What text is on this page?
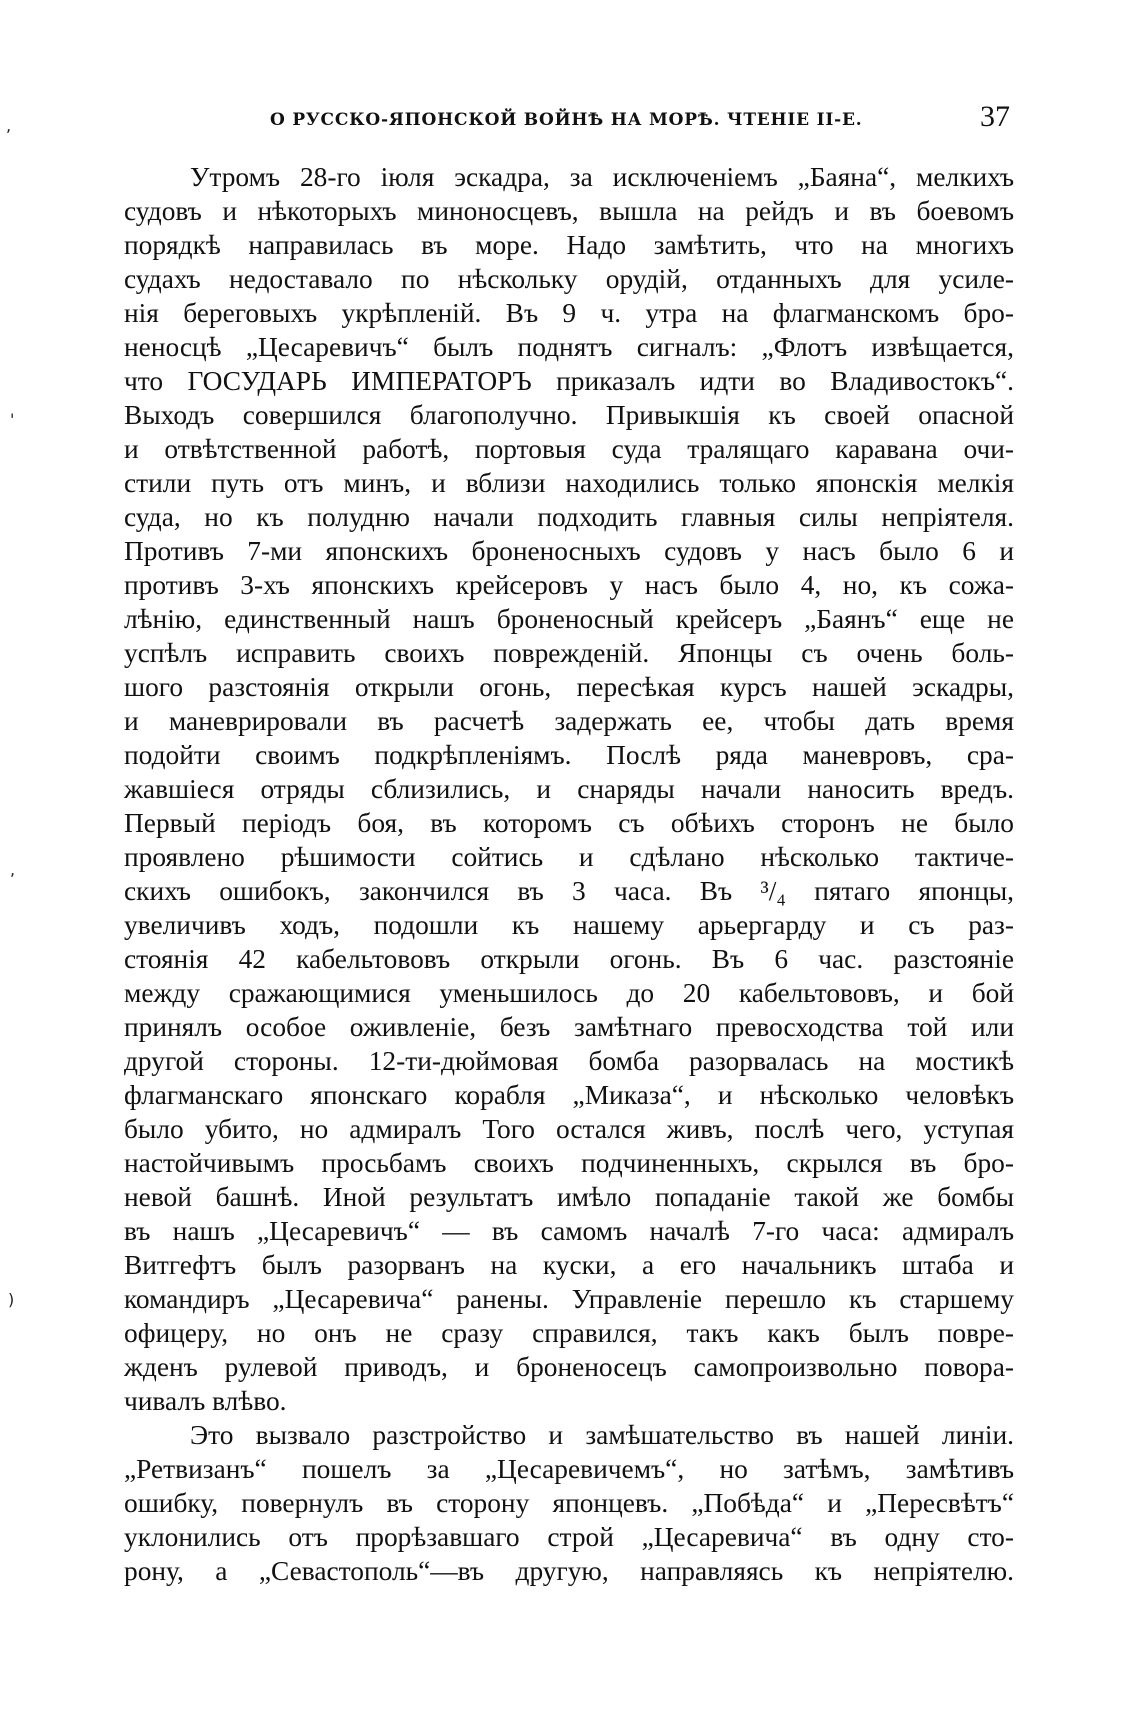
,
'
,
)
О РУССКО-ЯПОНСКОЙ ВОЙНѢ НА МОРѢ. ЧТЕНІЕ II-Е.	37
Утромъ 28-го іюля эскадра, за исключеніемъ „Баяна“, мелкихъ
судовъ и нѣкоторыхъ миноносцевъ, вышла на рейдъ и въ боевомъ
порядкѣ направилась въ море. Надо замѣтить, что на многихъ
судахъ недоставало по нѣскольку орудій, отданныхъ для усиле-
нія береговыхъ укрѣпленій. Въ 9 ч. утра на флагманскомъ бро-
неносцѣ „Цесаревичъ“ былъ поднятъ сигналъ: „Флотъ извѣщается,
что ГОСУДАРЬ ИМПЕРАТОРЪ приказалъ идти во Владивостокъ“.
Выходъ совершился благополучно. Привыкшія къ своей опасной
и отвѣтственной работѣ, портовыя суда тралящаго каравана очи-
стили путь отъ минъ, и вблизи находились только японскія мелкія
суда, но къ полудню начали подходить главныя силы непріятеля.
Противъ 7-ми японскихъ броненосныхъ судовъ у насъ было 6 и
противъ 3-хъ японскихъ крейсеровъ у насъ было 4, но, къ сожа-
лѣнію, единственный нашъ броненосный крейсеръ „Баянъ“ еще не
успѣлъ исправить своихъ поврежденій. Японцы съ очень боль-
шого разстоянія открыли огонь, пересѣкая курсъ нашей эскадры,
и маневрировали въ расчетѣ задержать ее, чтобы дать время
подойти своимъ подкрѣпленіямъ. Послѣ ряда маневровъ, сра-
жавшіеся отряды сблизились, и снаряды начали наносить вредъ.
Первый періодъ боя, въ которомъ съ обѣихъ сторонъ не было
проявлено рѣшимости сойтись и сдѣлано нѣсколько тактиче-
скихъ ошибокъ, закончился въ 3 часа. Въ ³/₄ пятаго японцы,
увеличивъ ходъ, подошли къ нашему арьергарду и съ раз-
стоянія 42 кабельтововъ открыли огонь. Въ 6 час. разстояніе
между сражающимися уменьшилось до 20 кабельтововъ, и бой
принялъ особое оживленіе, безъ замѣтнаго превосходства той или
другой стороны. 12-ти-дюймовая бомба разорвалась на мостикѣ
флагманскаго японскаго корабля „Миказа“, и нѣсколько человѣкъ
было убито, но адмиралъ Того остался живъ, послѣ чего, уступая
настойчивымъ просьбамъ своихъ подчиненныхъ, скрылся въ бро-
невой башнѣ. Иной результатъ имѣло попаданіе такой же бомбы
въ нашъ „Цесаревичъ“ — въ самомъ началѣ 7-го часа: адмиралъ
Витгефтъ былъ разорванъ на куски, а его начальникъ штаба и
командиръ „Цесаревича“ ранены. Управленіе перешло къ старшему
офицеру, но онъ не сразу справился, такъ какъ былъ повре-
жденъ рулевой приводъ, и броненосецъ самопроизвольно повора-
чивалъ влѣво.
Это вызвало разстройство и замѣшательство въ нашей линіи.
„Ретвизанъ“ пошелъ за „Цесаревичемъ“, но затѣмъ, замѣтивъ
ошибку, повернулъ въ сторону японцевъ. „Побѣда“ и „Пересвѣтъ“
уклонились отъ прорѣзавшаго строй „Цесаревича“ въ одну сто-
рону, а „Севастополь“—въ другую, направляясь къ непріятелю.
